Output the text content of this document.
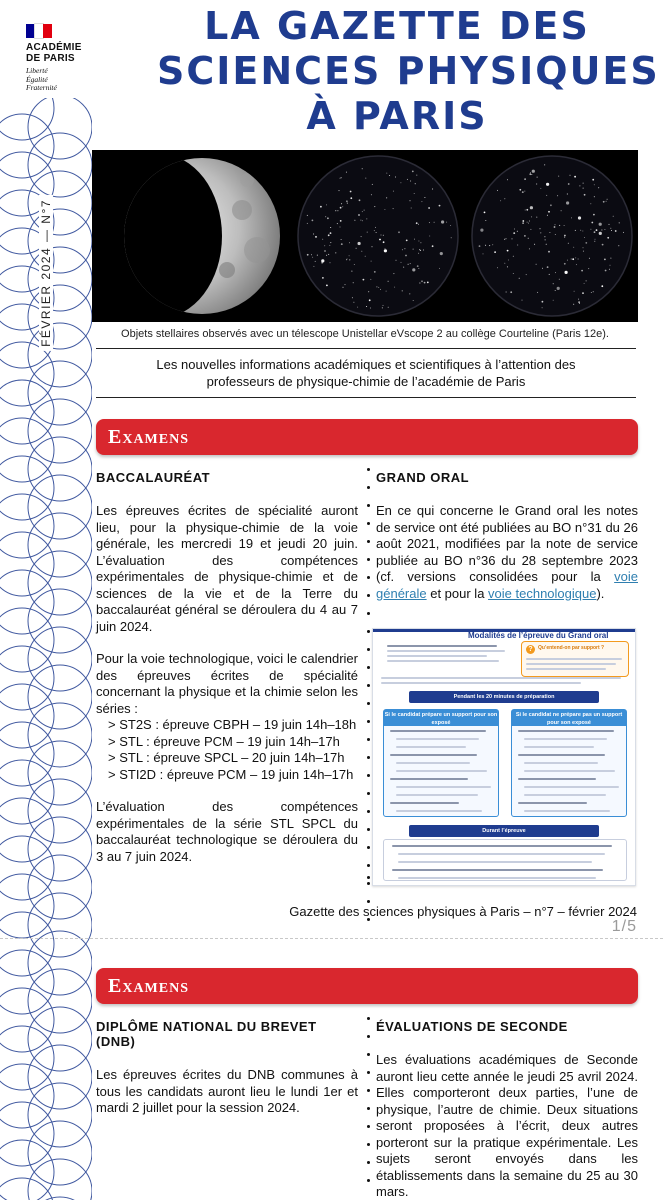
FÉVRIER 2024 — N°7
ACADÉMIE
DE PARIS
Liberté
Égalité
Fraternité
LA GAZETTE DES
SCIENCES PHYSIQUES
À PARIS
Objets stellaires observés avec un télescope Unistellar eVscope 2 au collège Courteline (Paris 12e).
Les nouvelles informations académiques et scientifiques à l’attention des
professeurs de physique-chimie de l’académie de Paris
Examens
BACCALAURÉAT

Les épreuves écrites de spécialité auront lieu, pour la physique-chimie de la voie générale, les mercredi 19 et jeudi 20 juin. L’évaluation des compétences expérimentales de physique-chimie et de sciences de la vie et de la Terre du baccalauréat général se déroulera du 4 au 7 juin 2024.

Pour la voie technologique, voici le calendrier des épreuves écrites de spécialité concernant la physique et la chimie selon les séries :

> ST2S : épreuve CBPH – 19 juin 14h–18h
> STL : épreuve PCM – 19 juin 14h–17h
> STL : épreuve SPCL – 20 juin 14h–17h
> STI2D : épreuve PCM – 19 juin 14h–17h

L’évaluation des compétences expérimentales de la série STL SPCL du baccalauréat technologique se déroulera du 3 au 7 juin 2024.

GRAND ORAL

En ce qui concerne le Grand oral les notes de service ont été publiées au BO n°31 du 26 août 2021, modifiées par la note de service publiée au BO n°36 du 28 septembre 2023 (cf. versions consolidées pour la voie générale et pour la voie technologique).

Modalités de l’épreuve du Grand oral
?	Qu’entend-on par support ?
Pendant les 20 minutes de préparation
Si le candidat prépare un support pour son exposé
Si le candidat ne prépare pas un support pour son exposé
Durant l’épreuve
Gazette des sciences physiques à Paris – n°7 – février 2024
1/5
Examens
DIPLÔME NATIONAL DU BREVET (DNB)

Les épreuves écrites du DNB communes à tous les candidats auront lieu le lundi 1er et mardi 2 juillet pour la session 2024.

ÉVALUATIONS DE SECONDE

Les évaluations académiques de Seconde auront lieu cette année le jeudi 25 avril 2024. Elles comporteront deux parties, l’une de physique, l’autre de chimie. Deux situations seront proposées à l’écrit, deux autres porteront sur la pratique expérimentale. Les sujets seront envoyés dans les établissements dans la semaine du 25 au 30 mars.
